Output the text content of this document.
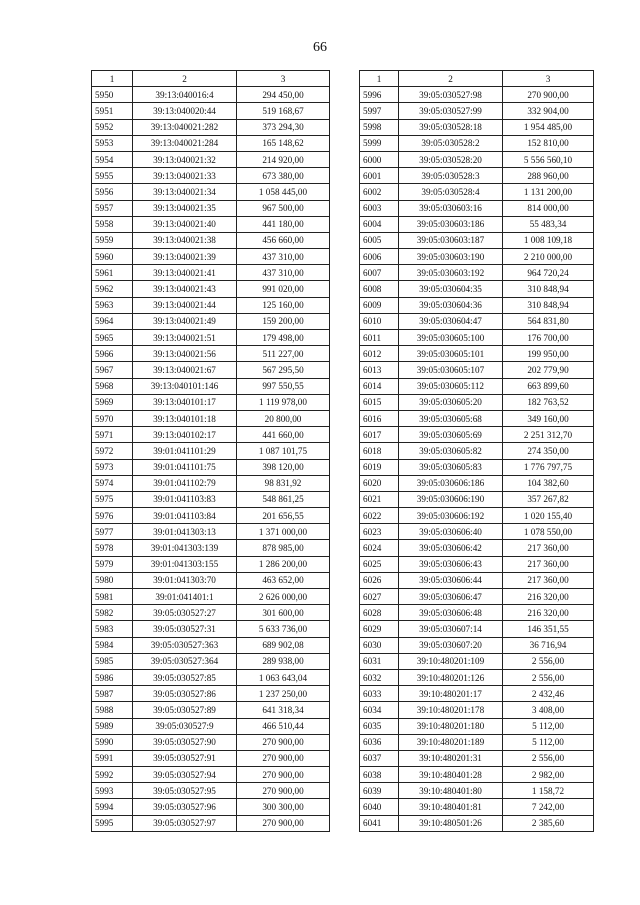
66
1	2	3
5950	39:13:040016:4	294 450,00
5951	39:13:040020:44	519 168,67
5952	39:13:040021:282	373 294,30
5953	39:13:040021:284	165 148,62
5954	39:13:040021:32	214 920,00
5955	39:13:040021:33	673 380,00
5956	39:13:040021:34	1 058 445,00
5957	39:13:040021:35	967 500,00
5958	39:13:040021:40	441 180,00
5959	39:13:040021:38	456 660,00
5960	39:13:040021:39	437 310,00
5961	39:13:040021:41	437 310,00
5962	39:13:040021:43	991 020,00
5963	39:13:040021:44	125 160,00
5964	39:13:040021:49	159 200,00
5965	39:13:040021:51	179 498,00
5966	39:13:040021:56	511 227,00
5967	39:13:040021:67	567 295,50
5968	39:13:040101:146	997 550,55
5969	39:13:040101:17	1 119 978,00
5970	39:13:040101:18	20 800,00
5971	39:13:040102:17	441 660,00
5972	39:01:041101:29	1 087 101,75
5973	39:01:041101:75	398 120,00
5974	39:01:041102:79	98 831,92
5975	39:01:041103:83	548 861,25
5976	39:01:041103:84	201 656,55
5977	39:01:041303:13	1 371 000,00
5978	39:01:041303:139	878 985,00
5979	39:01:041303:155	1 286 200,00
5980	39:01:041303:70	463 652,00
5981	39:01:041401:1	2 626 000,00
5982	39:05:030527:27	301 600,00
5983	39:05:030527:31	5 633 736,00
5984	39:05:030527:363	689 902,08
5985	39:05:030527:364	289 938,00
5986	39:05:030527:85	1 063 643,04
5987	39:05:030527:86	1 237 250,00
5988	39:05:030527:89	641 318,34
5989	39:05:030527:9	466 510,44
5990	39:05:030527:90	270 900,00
5991	39:05:030527:91	270 900,00
5992	39:05:030527:94	270 900,00
5993	39:05:030527:95	270 900,00
5994	39:05:030527:96	300 300,00
5995	39:05:030527:97	270 900,00
1	2	3
5996	39:05:030527:98	270 900,00
5997	39:05:030527:99	332 904,00
5998	39:05:030528:18	1 954 485,00
5999	39:05:030528:2	152 810,00
6000	39:05:030528:20	5 556 560,10
6001	39:05:030528:3	288 960,00
6002	39:05:030528:4	1 131 200,00
6003	39:05:030603:16	814 000,00
6004	39:05:030603:186	55 483,34
6005	39:05:030603:187	1 008 109,18
6006	39:05:030603:190	2 210 000,00
6007	39:05:030603:192	964 720,24
6008	39:05:030604:35	310 848,94
6009	39:05:030604:36	310 848,94
6010	39:05:030604:47	564 831,80
6011	39:05:030605:100	176 700,00
6012	39:05:030605:101	199 950,00
6013	39:05:030605:107	202 779,90
6014	39:05:030605:112	663 899,60
6015	39:05:030605:20	182 763,52
6016	39:05:030605:68	349 160,00
6017	39:05:030605:69	2 251 312,70
6018	39:05:030605:82	274 350,00
6019	39:05:030605:83	1 776 797,75
6020	39:05:030606:186	104 382,60
6021	39:05:030606:190	357 267,82
6022	39:05:030606:192	1 020 155,40
6023	39:05:030606:40	1 078 550,00
6024	39:05:030606:42	217 360,00
6025	39:05:030606:43	217 360,00
6026	39:05:030606:44	217 360,00
6027	39:05:030606:47	216 320,00
6028	39:05:030606:48	216 320,00
6029	39:05:030607:14	146 351,55
6030	39:05:030607:20	36 716,94
6031	39:10:480201:109	2 556,00
6032	39:10:480201:126	2 556,00
6033	39:10:480201:17	2 432,46
6034	39:10:480201:178	3 408,00
6035	39:10:480201:180	5 112,00
6036	39:10:480201:189	5 112,00
6037	39:10:480201:31	2 556,00
6038	39:10:480401:28	2 982,00
6039	39:10:480401:80	1 158,72
6040	39:10:480401:81	7 242,00
6041	39:10:480501:26	2 385,60
